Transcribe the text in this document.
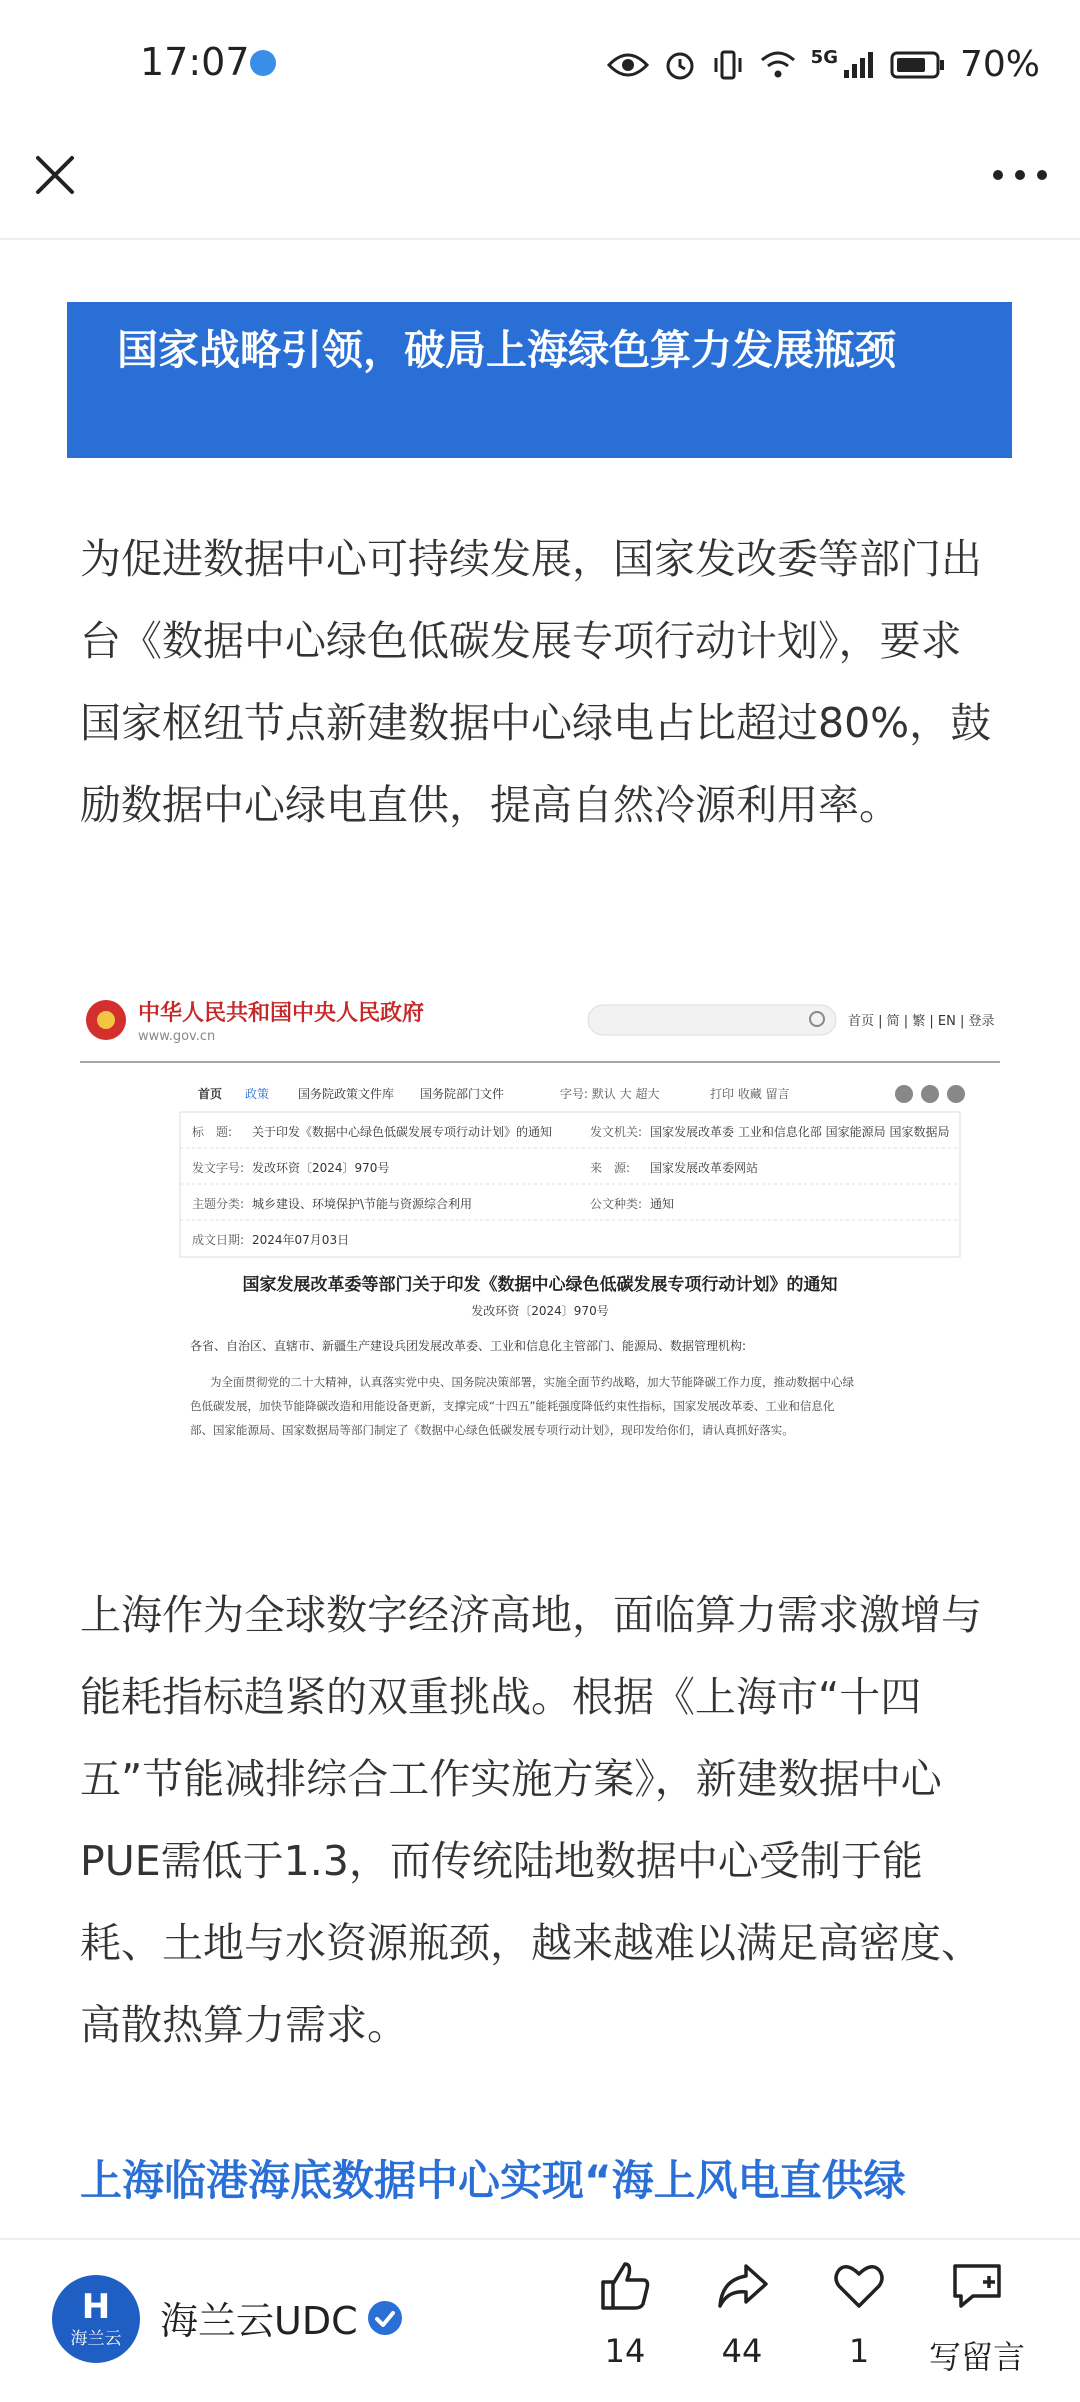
17:07	5G	70%
国家战略引领，破局上海绿色算力发展瓶颈
为促进数据中心可持续发展，国家发改委等部门出台《数据中心绿色低碳发展专项行动计划》，要求国家枢纽节点新建数据中心绿电占比超过80%，鼓励数据中心绿电直供，提高自然冷源利用率。
中华人民共和国中央人民政府
www.gov.cn
首页 | 简 | 繁 | EN | 登录 |
首页 政策 国务院政策文件库 国务院部门文件	字号: 默认 大 超大	打印 收藏 留言
标　题: 关于印发《数据中心绿色低碳发展专项行动计划》的通知	发文机关: 国家发展改革委 工业和信息化部 国家能源局 国家数据局
发文字号: 发改环资〔2024〕970号	来　源: 国家发展改革委网站
主题分类: 城乡建设、环境保护\节能与资源综合利用	公文种类: 通知
成文日期: 2024年07月03日
国家发展改革委等部门关于印发《数据中心绿色低碳发展专项行动计划》的通知
发改环资〔2024〕970号
各省、自治区、直辖市、新疆生产建设兵团发展改革委、工业和信息化主管部门、能源局、数据管理机构:
为全面贯彻党的二十大精神，认真落实党中央、国务院决策部署，实施全面节约战略，加大节能降碳工作力度，推动数据中心绿
色低碳发展，加快节能降碳改造和用能设备更新，支撑完成“十四五”能耗强度降低约束性指标，国家发展改革委、工业和信息化
部、国家能源局、国家数据局等部门制定了《数据中心绿色低碳发展专项行动计划》，现印发给你们，请认真抓好落实。
上海作为全球数字经济高地，面临算力需求激增与能耗指标趋紧的双重挑战。根据《上海市“十四五”节能减排综合工作实施方案》，新建数据中心PUE需低于1.3，而传统陆地数据中心受制于能耗、土地与水资源瓶颈，越来越难以满足高密度、高散热算力需求。
上海临港海底数据中心实现“海上风电直供绿
H
海兰云	海兰云UDC
14	44	1	写留言
